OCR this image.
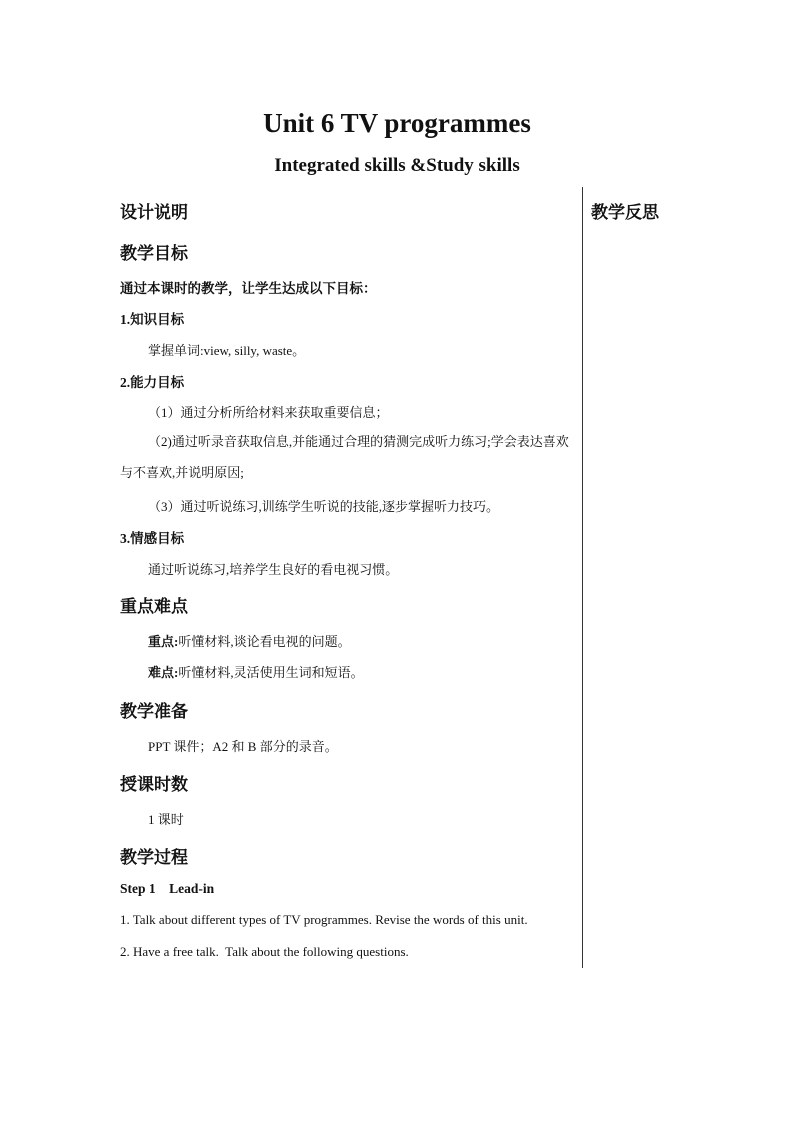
Unit 6 TV programmes
Integrated skills &Study skills
教学反思
设计说明
教学目标
通过本课时的教学，让学生达成以下目标：
1.知识目标
掌握单词:view, silly, waste。
2.能力目标
（1）通过分析所给材料来获取重要信息；
（2)通过听录音获取信息,并能通过合理的猜测完成听力练习;学会表达喜欢与不喜欢,并说明原因;
（3）通过听说练习,训练学生听说的技能,逐步掌握听力技巧。
3.情感目标
通过听说练习,培养学生良好的看电视习惯。
重点难点
重点:听懂材料,谈论看电视的问题。
难点:听懂材料,灵活使用生词和短语。
教学准备
PPT 课件；A2 和 B 部分的录音。
授课时数
1 课时
教学过程
Step 1    Lead-in
1. Talk about different types of TV programmes. Revise the words of this unit.
2. Have a free talk.  Talk about the following questions.
